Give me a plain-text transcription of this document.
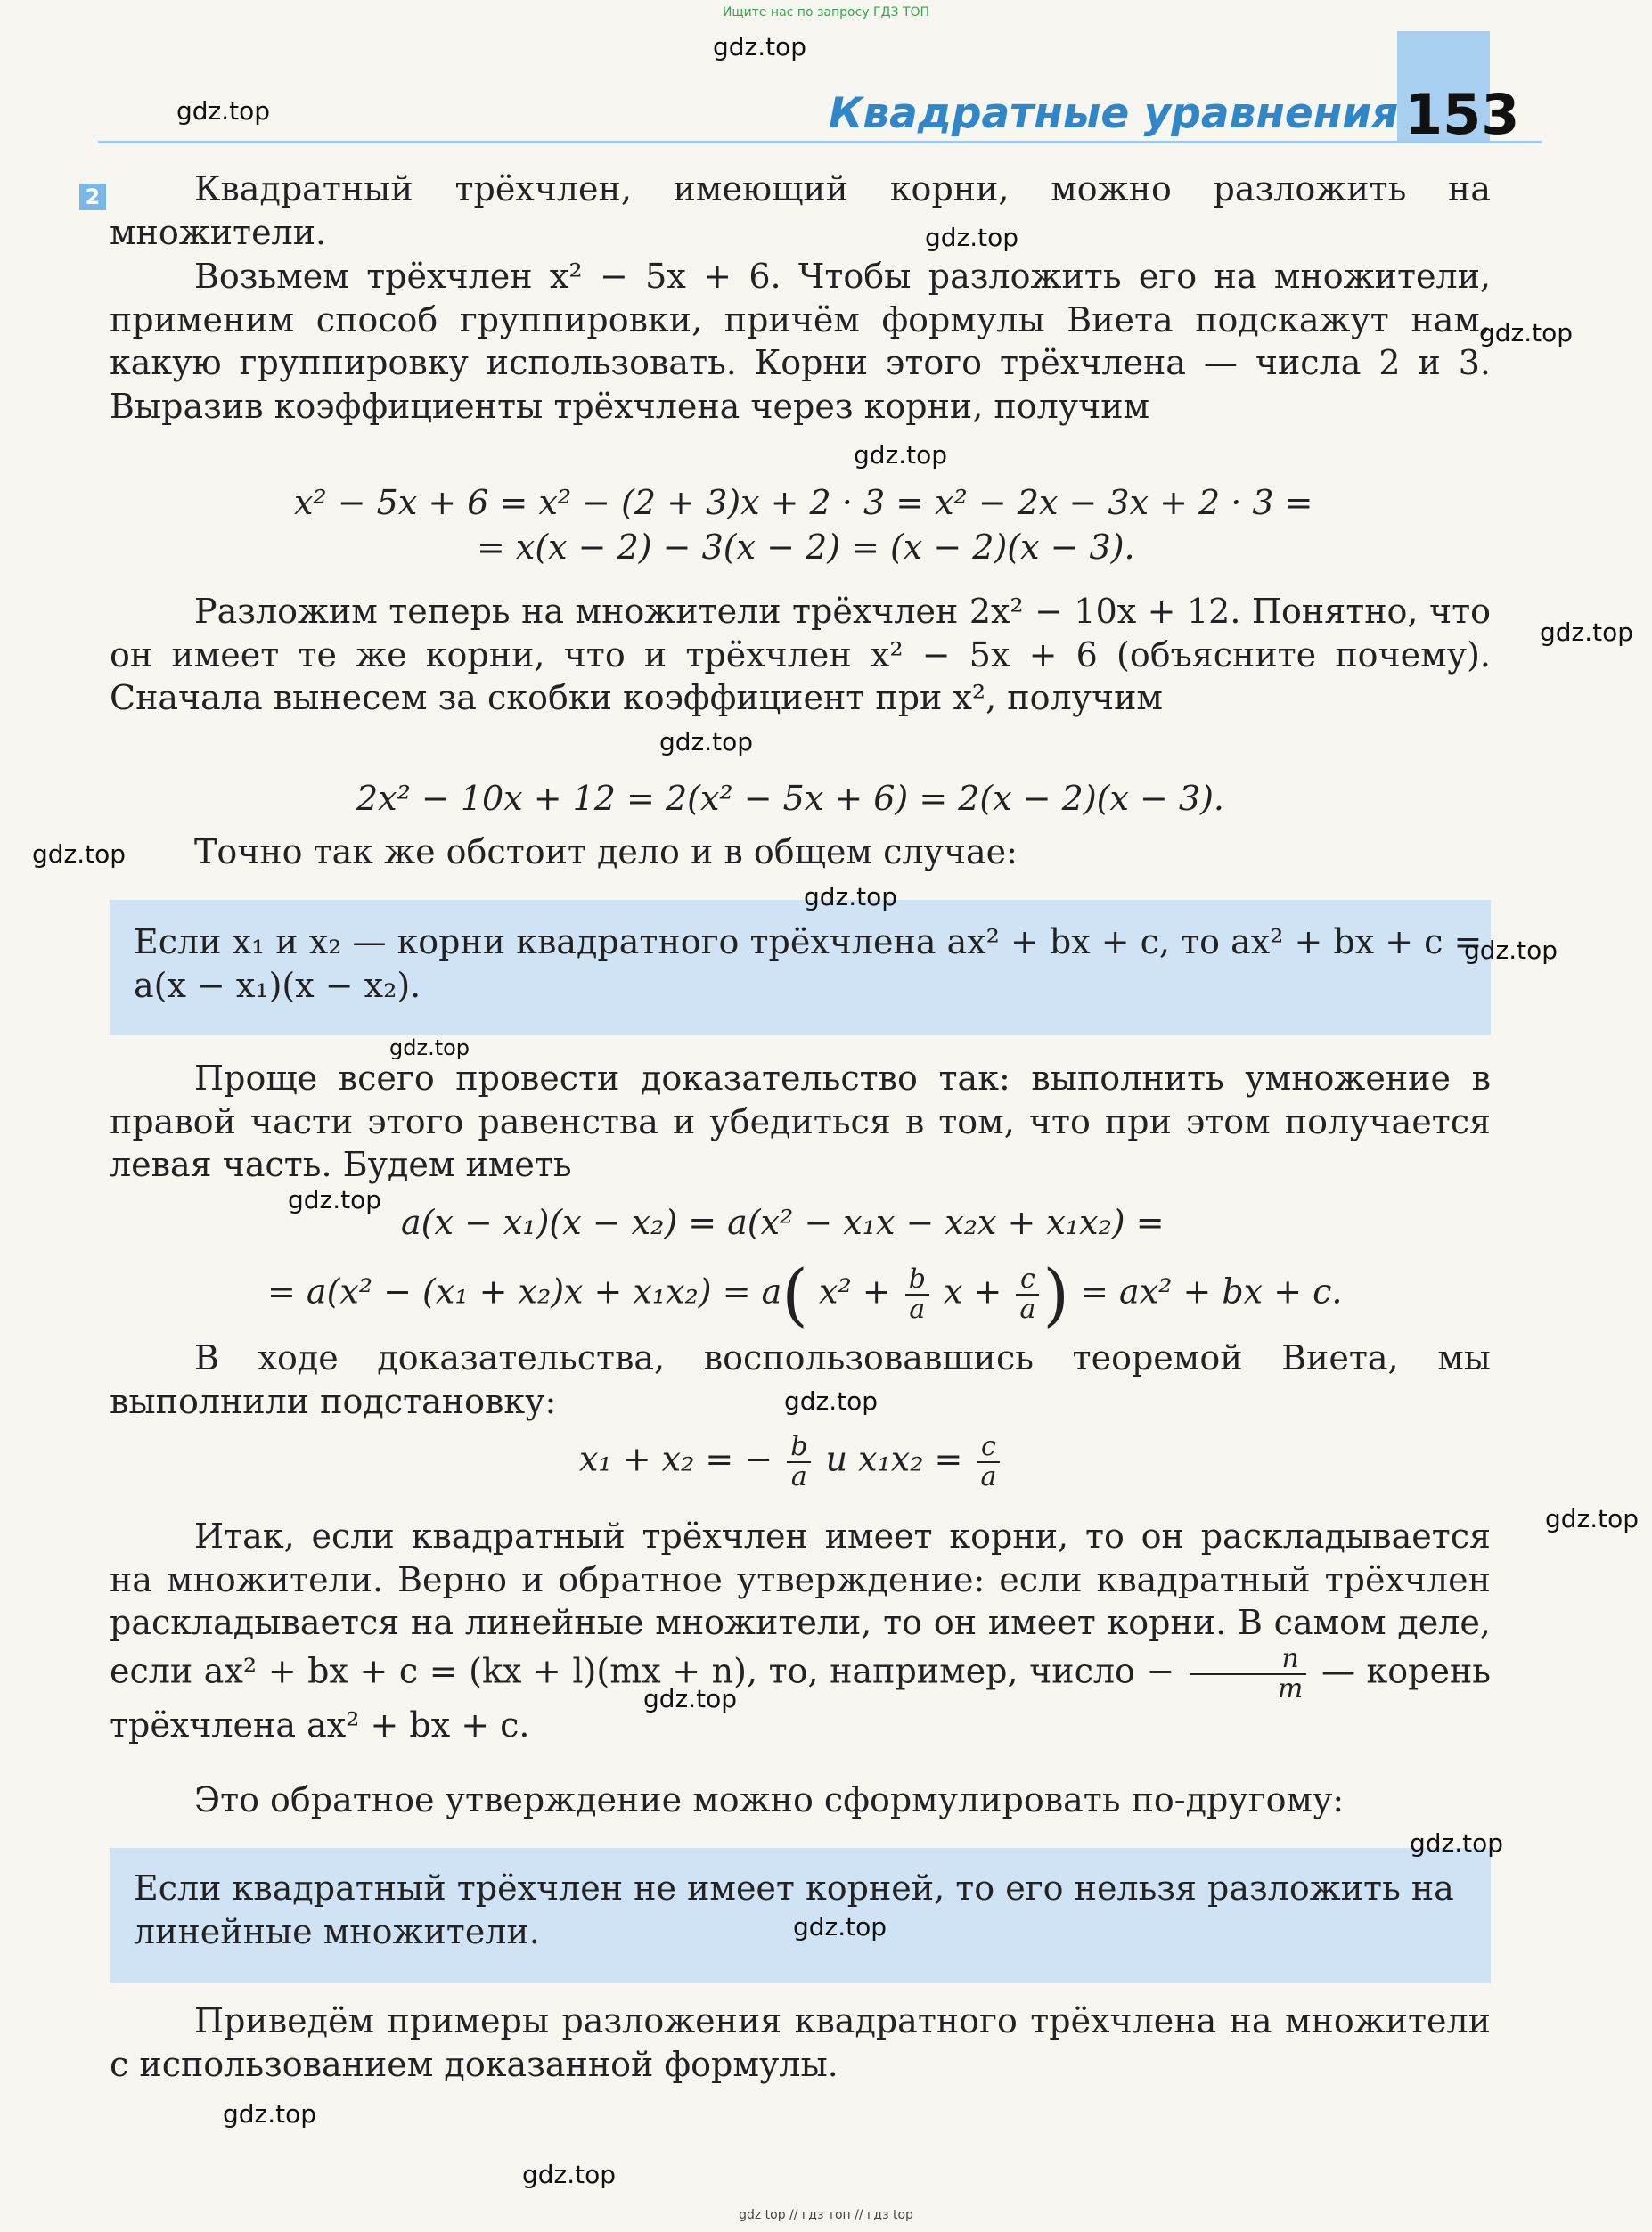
Ищите нас по запросу ГДЗ ТОП
Квадратные уравнения 153
2	Квадратный трёхчлен, имеющий корни, можно разложить на множители.
Возьмем трёхчлен x² − 5x + 6. Чтобы разложить его на множители, применим способ группировки, причём формулы Виета подскажут нам, какую группировку использовать. Корни этого трёхчлена — числа 2 и 3. Выразив коэффициенты трёхчлена через корни, получим
x² − 5x + 6 = x² − (2 + 3)x + 2 · 3 = x² − 2x − 3x + 2 · 3 =
= x(x − 2) − 3(x − 2) = (x − 2)(x − 3).
Разложим теперь на множители трёхчлен 2x² − 10x + 12. Понятно, что он имеет те же корни, что и трёхчлен x² − 5x + 6 (объясните почему). Сначала вынесем за скобки коэффициент при x², получим
2x² − 10x + 12 = 2(x² − 5x + 6) = 2(x − 2)(x − 3).
Точно так же обстоит дело и в общем случае:
Если x₁ и x₂ — корни квадратного трёхчлена ax² + bx + c, то ax² + bx + c = a(x − x₁)(x − x₂).
Проще всего провести доказательство так: выполнить умножение в правой части этого равенства и убедиться в том, что при этом получается левая часть. Будем иметь
a(x − x₁)(x − x₂) = a(x² − x₁x − x₂x + x₁x₂) =
= a(x² − (x₁ + x₂)x + x₁x₂) = a( $x^2 + \frac{b}{a}$ $x + \frac{c}{a}$ ) = ax² + bx + c.
В ходе доказательства, воспользовавшись теоремой Виета, мы выполнили подстановку:
x₁ + x₂ = − $\frac{b}{a}$ и $x_1x_2 = \frac{c}{a}$
Итак, если квадратный трёхчлен имеет корни, то он раскладывается на множители. Верно и обратное утверждение: если квадратный трёхчлен раскладывается на линейные множители, то он имеет корни. В самом деле, если ax² + bx + c = (kx + l)(mx + n), то, например, число − $\frac{n}{m}$ — корень трёхчлена ax² + bx + c.
Это обратное утверждение можно сформулировать по-другому:
Если квадратный трёхчлен не имеет корней, то его нельзя разложить на линейные множители.
Приведём примеры разложения квадратного трёхчлена на множители с использованием доказанной формулы.
gdz.top
gdz.top
gdz.top
gdz.top
gdz.top
gdz.top
gdz.top
gdz.top
gdz.top
gdz.top
gdz.top
gdz.top
gdz.top
gdz.top
gdz.top
gdz.top
gdz.top
gdz.top
gdz.top
gdz top // гдз топ // гдз top
